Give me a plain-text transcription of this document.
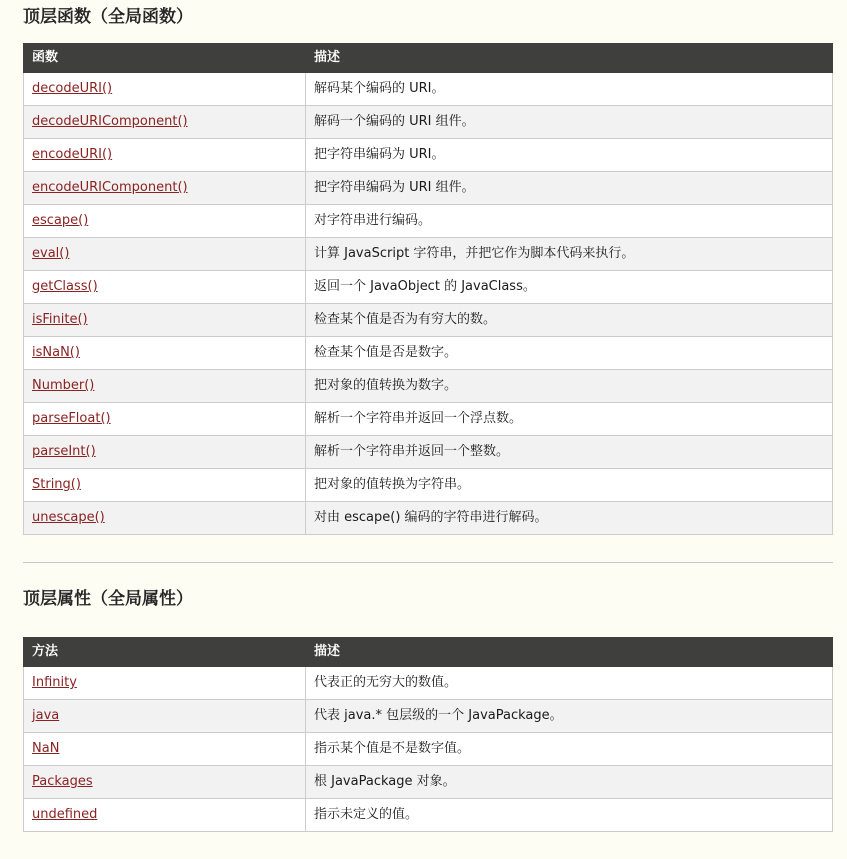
顶层函数（全局函数）
函数	描述
decodeURI()	解码某个编码的 URI。
decodeURIComponent()	解码一个编码的 URI 组件。
encodeURI()	把字符串编码为 URI。
encodeURIComponent()	把字符串编码为 URI 组件。
escape()	对字符串进行编码。
eval()	计算 JavaScript 字符串，并把它作为脚本代码来执行。
getClass()	返回一个 JavaObject 的 JavaClass。
isFinite()	检查某个值是否为有穷大的数。
isNaN()	检查某个值是否是数字。
Number()	把对象的值转换为数字。
parseFloat()	解析一个字符串并返回一个浮点数。
parseInt()	解析一个字符串并返回一个整数。
String()	把对象的值转换为字符串。
unescape()	对由 escape() 编码的字符串进行解码。
顶层属性（全局属性）
方法	描述
Infinity	代表正的无穷大的数值。
java	代表 java.* 包层级的一个 JavaPackage。
NaN	指示某个值是不是数字值。
Packages	根 JavaPackage 对象。
undefined	指示未定义的值。
